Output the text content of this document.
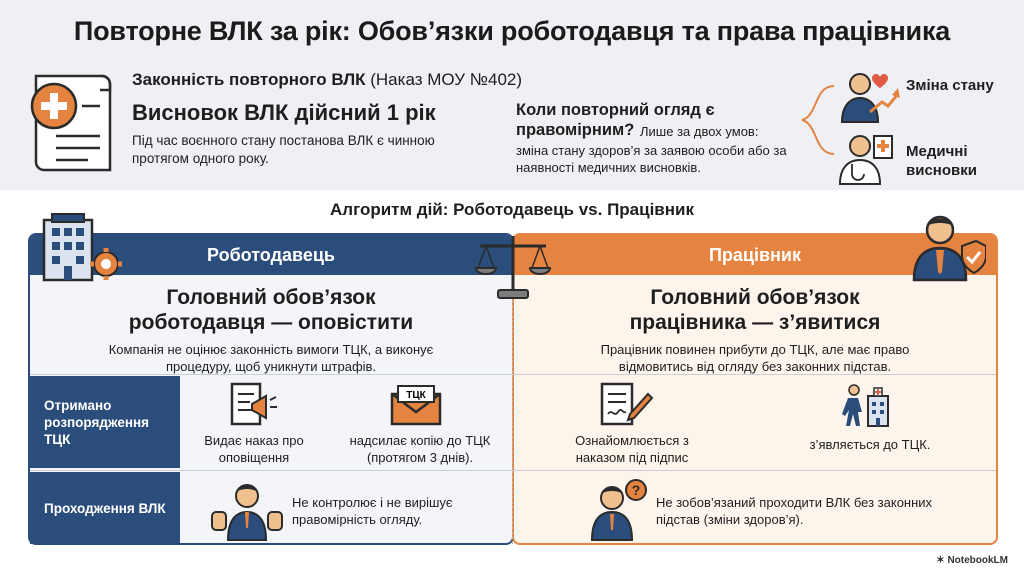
Повторне ВЛК за рік: Обов’язки роботодавця та права працівника
Законність повторного ВЛК (Наказ МОУ №402)
Висновок ВЛК дійсний 1 рік
Під час воєнного стану постанова ВЛК є чинною протягом одного року.
Коли повторний огляд є правомірним? Лише за двох умов:
зміна стану здоров’я за заявою особи або за наявності медичних висновків.
Зміна стану
Медичні висновки
Алгоритм дій: Роботодавець vs. Працівник
Роботодавець
Головний обов’язок роботодавця — оповістити
Компанія не оцінює законність вимоги ТЦК, а виконує процедуру, щоб уникнути штрафів.
Працівник
Головний обов’язок працівника — з’явитися
Працівник повинен прибути до ТЦК, але має право відмовитись від огляду без законних підстав.
Отримано розпорядження ТЦК
Проходження ВЛК
Видає наказ про оповіщення
ТЦК
надсилає копію до ТЦК (протягом 3 днів).
Не контролює і не вирішує правомірність огляду.
Ознайомлюється з наказом під підпис
з’являється до ТЦК.
?
Не зобов’язаний проходити ВЛК без законних підстав (зміни здоров’я).
✶ NotebookLM
